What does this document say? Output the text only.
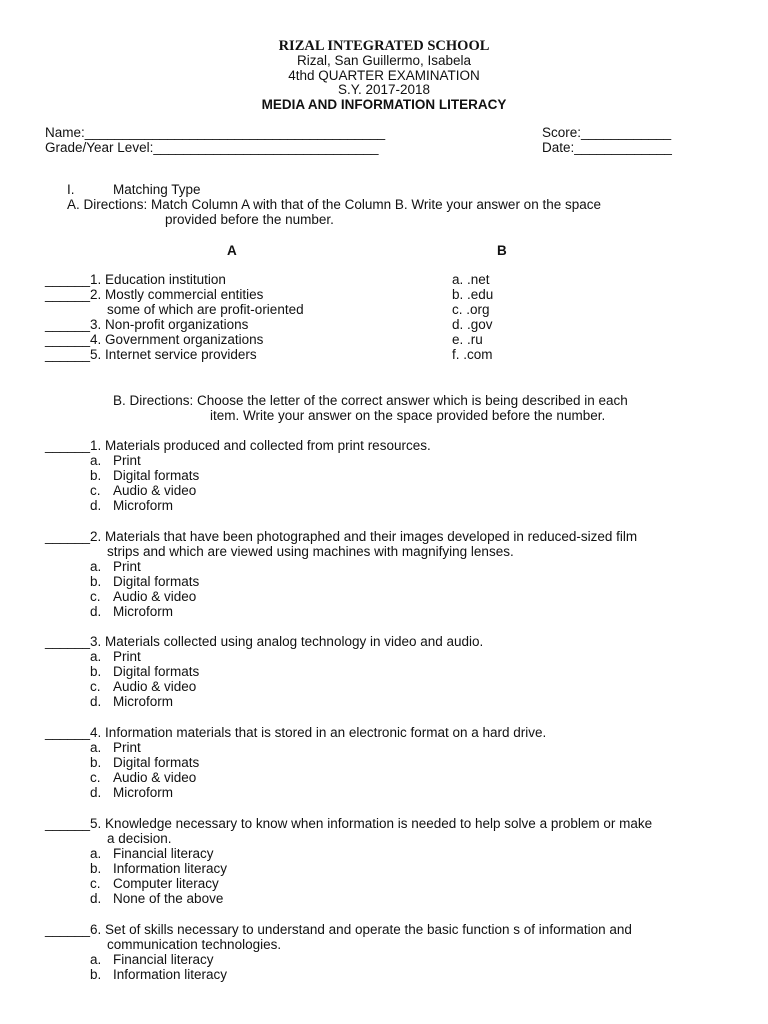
RIZAL INTEGRATED SCHOOL
Rizal, San Guillermo, Isabela
4thd QUARTER EXAMINATION
S.Y. 2017-2018
MEDIA AND INFORMATION LITERACY
Name:________________________________________
Grade/Year Level:______________________________
Score:____________
Date:_____________
I.	Matching Type
A. Directions: Match Column A with that of the Column B. Write your answer on the space
provided before the number.
A	B
______1. Education institution
______2. Mostly commercial entities
some of which are profit-oriented
______3. Non-profit organizations
______4. Government organizations
______5. Internet service providers
a. .net
b. .edu
c. .org
d. .gov
e. .ru
f. .com
B. Directions: Choose the letter of the correct answer which is being described in each
item. Write your answer on the space provided before the number.
______1. Materials produced and collected from print resources.
a. Print
b. Digital formats
c. Audio & video
d. Microform
______2. Materials that have been photographed and their images developed in reduced-sized film
strips and which are viewed using machines with magnifying lenses.
a. Print
b. Digital formats
c. Audio & video
d. Microform
______3. Materials collected using analog technology in video and audio.
a. Print
b. Digital formats
c. Audio & video
d. Microform
______4. Information materials that is stored in an electronic format on a hard drive.
a. Print
b. Digital formats
c. Audio & video
d. Microform
______5. Knowledge necessary to know when information is needed to help solve a problem or make
a decision.
a. Financial literacy
b. Information literacy
c. Computer literacy
d. None of the above
______6. Set of skills necessary to understand and operate the basic function s of information and
communication technologies.
a. Financial literacy
b. Information literacy
